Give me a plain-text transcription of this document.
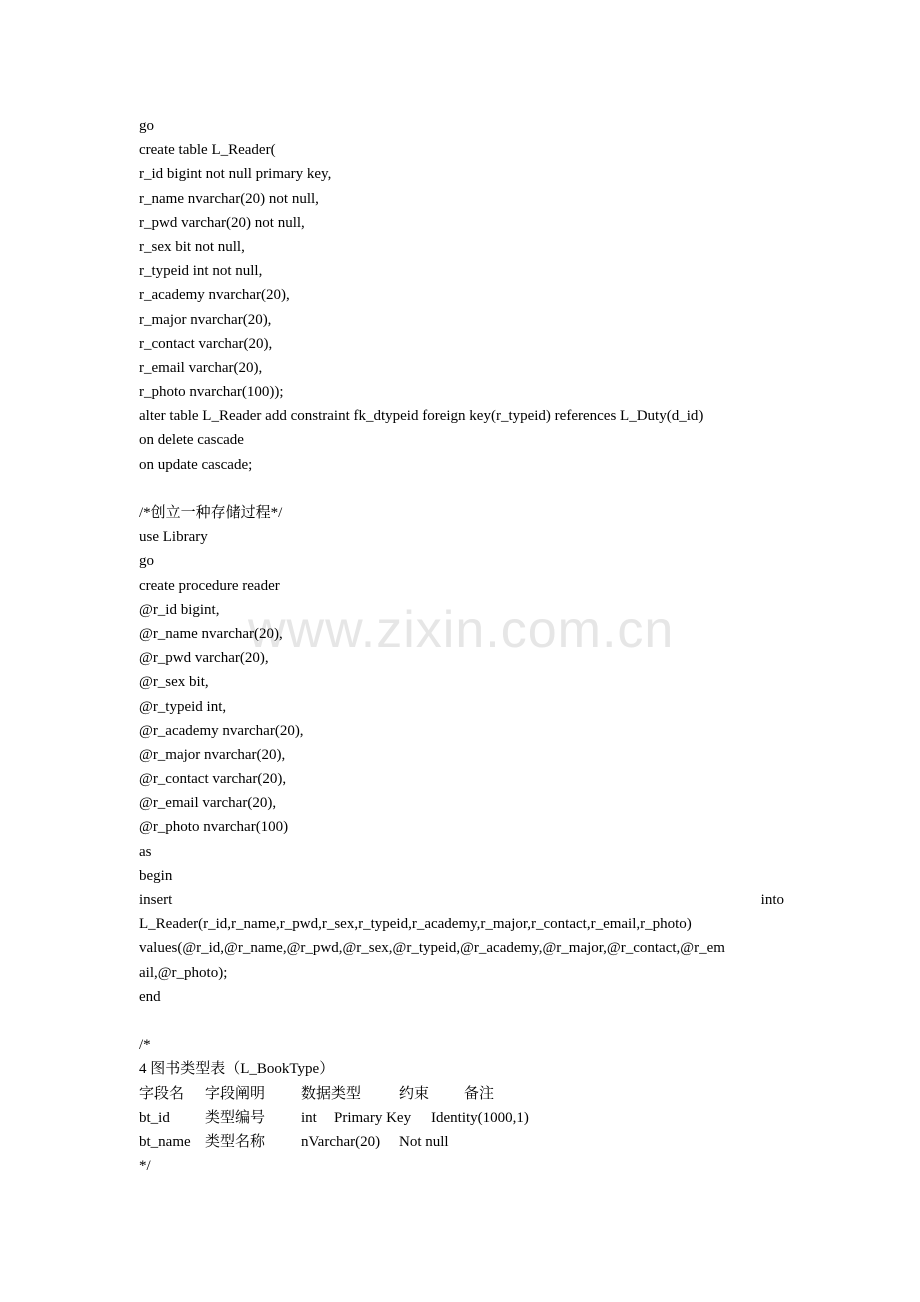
www.zixin.com.cn
go
create table L_Reader(
r_id bigint not null primary key,
r_name nvarchar(20) not null,
r_pwd varchar(20) not null,
r_sex bit not null,
r_typeid int not null,
r_academy nvarchar(20),
r_major nvarchar(20),
r_contact varchar(20),
r_email varchar(20),
r_photo nvarchar(100));
alter table L_Reader add constraint fk_dtypeid foreign key(r_typeid) references L_Duty(d_id)
on delete cascade
on update cascade;
/*创立一种存储过程*/
use Library
go
create procedure reader
@r_id bigint,
@r_name nvarchar(20),
@r_pwd varchar(20),
@r_sex bit,
@r_typeid int,
@r_academy nvarchar(20),
@r_major nvarchar(20),
@r_contact varchar(20),
@r_email varchar(20),
@r_photo nvarchar(100)
as
begin
insert	into
L_Reader(r_id,r_name,r_pwd,r_sex,r_typeid,r_academy,r_major,r_contact,r_email,r_photo)
values(@r_id,@r_name,@r_pwd,@r_sex,@r_typeid,@r_academy,@r_major,@r_contact,@r_em
ail,@r_photo);
end
/*
4 图书类型表（L_BookType）
字段名	字段阐明	数据类型	约束	备注
bt_id	类型编号	int	Primary Key	Identity(1000,1)
bt_name 类型名称	nVarchar(20)	Not null
*/
